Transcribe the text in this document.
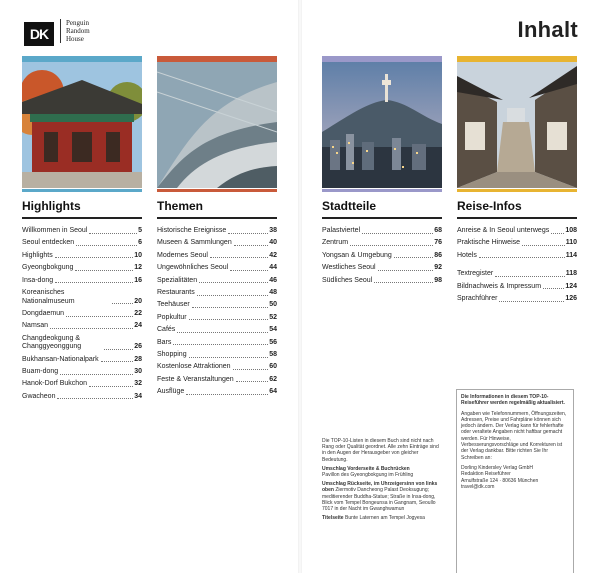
DK
Penguin
Random
House	Inhalt
Highlights
Willkommen in Seoul	5
Seoul entdecken	6
Highlights	10
Gyeongbokgung	12
Insa-dong	16
Koreanisches Nationalmuseum	20
Dongdaemun	22
Namsan	24
Changdeokgung & Changgyeonggung	26
Bukhansan-Nationalpark	28
Buam-dong	30
Hanok-Dorf Bukchon	32
Gwacheon	34
Themen
Historische Ereignisse	38
Museen & Sammlungen	40
Modernes Seoul	42
Ungewöhnliches Seoul	44
Spezialitäten	46
Restaurants	48
Teehäuser	50
Popkultur	52
Cafés	54
Bars	56
Shopping	58
Kostenlose Attraktionen	60
Feste & Veranstaltungen	62
Ausflüge	64
Stadtteile
Palastviertel	68
Zentrum	76
Yongsan & Umgebung	86
Westliches Seoul	92
Südliches Seoul	98
Reise-Infos
Anreise & In Seoul unterwegs 108
Praktische Hinweise	110
Hotels	114
Textregister	118
Bildnachweis & Impressum	124
Sprachführer	126

Die TOP-10-Listen in diesem Buch sind nicht nach Rang oder Qualität geordnet. Alle zehn Einträge sind in den Augen der Herausgeber von gleicher Bedeutung.

Umschlag Vorderseite & Buchrücken
Pavillon des Gyeongbokgung im Frühling

Umschlag Rückseite, im Uhrzeigersinn von links oben Ziermotiv Dancheong Palast Deoksugung; meditierender Buddha-Statue; Straße in Insa-dong, Blick vom Tempel Bongeunsa in Gangnam, Seoullo 7017 in der Nacht im Gwanghwamun

Titelseite Bunte Laternen am Tempel Jogyesa

Die Informationen in diesem TOP-10-Reiseführer werden regelmäßig aktualisiert.

Angaben wie Telefonnummern, Öffnungszeiten, Adressen, Preise und Fahrpläne können sich jedoch ändern. Der Verlag kann für fehlerhafte oder veraltete Angaben nicht haftbar gemacht werden. Für Hinweise, Verbesserungsvorschläge und Korrekturen ist der Verlag dankbar. Bitte richten Sie Ihr Schreiben an:

Dorling Kindersley Verlag GmbH
Redaktion Reiseführer
Arnulfstraße 124 · 80636 München
travel@dk.com
